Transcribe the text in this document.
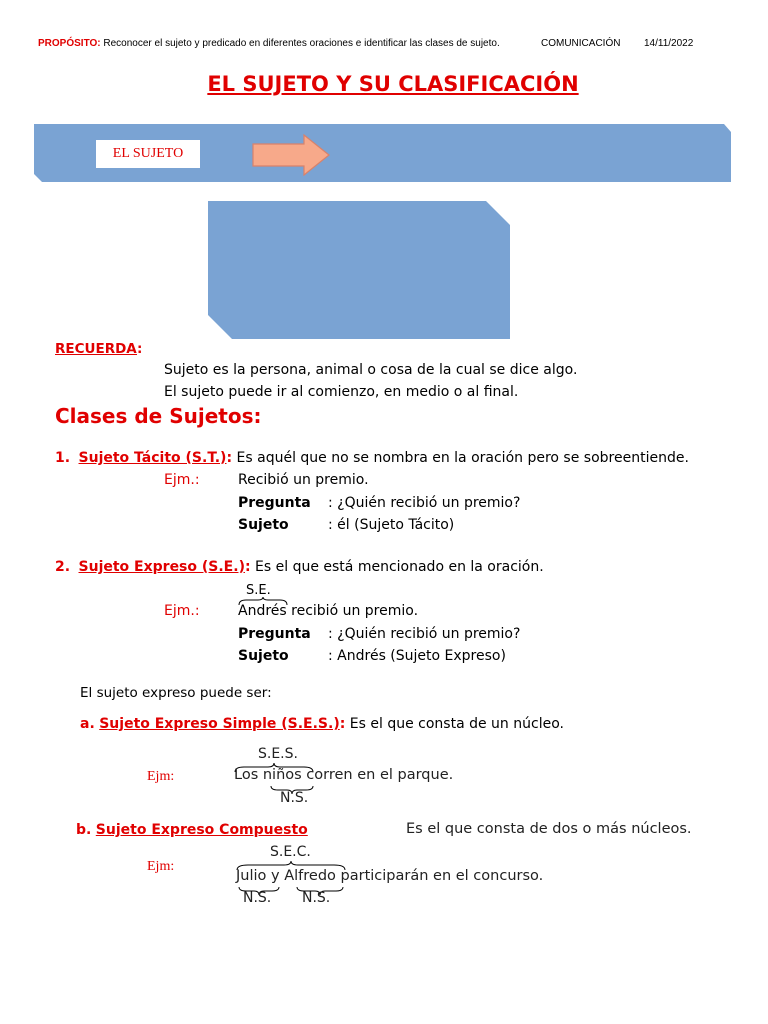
PROPÓSITO: Reconocer el sujeto y predicado en diferentes oraciones e identificar las clases de sujeto.	COMUNICACIÓN 14/11/2022
EL SUJETO Y SU CLASIFICACIÓN
EL SUJETO
RECUERDA:
Sujeto es la persona, animal o cosa de la cual se dice algo.
El sujeto puede ir al comienzo, en medio o al final.
Clases de Sujetos:
1. Sujeto Tácito (S.T.): Es aquél que no se nombra en la oración pero se sobreentiende.
Ejm.:	Recibió un premio.
Pregunta : ¿Quién recibió un premio?
Sujeto	: él (Sujeto Tácito)
2. Sujeto Expreso (S.E.): Es el que está mencionado en la oración.
S.E.
Ejm.:	Andrés recibió un premio.
Pregunta : ¿Quién recibió un premio?
Sujeto	: Andrés (Sujeto Expreso)
El sujeto expreso puede ser:
a. Sujeto Expreso Simple (S.E.S.): Es el que consta de un núcleo.
S.E.S.
Ejm:	Los niños corren en el parque.
N.S.
b. Sujeto Expreso Compuesto	Es el que consta de dos o más núcleos.
S.E.C.
Ejm:
Julio y Alfredo participarán en el concurso.
N.S. N.S.
